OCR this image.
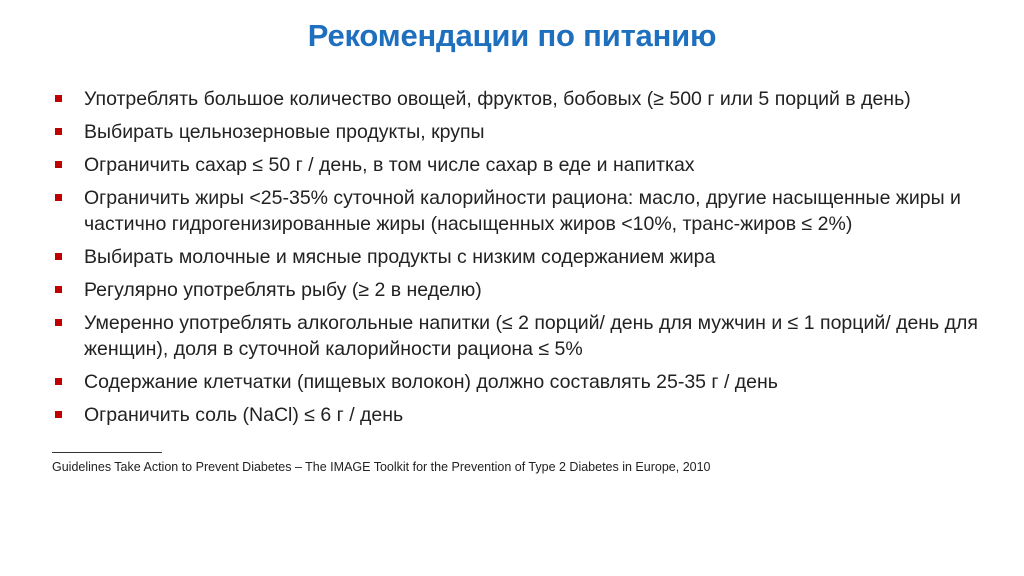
Рекомендации по питанию
Употреблять большое количество овощей, фруктов, бобовых (≥ 500 г или 5 порций в день)
Выбирать цельнозерновые продукты, крупы
Ограничить сахар ≤ 50 г / день, в том числе сахар в еде и напитках
Ограничить жиры <25-35% суточной калорийности рациона: масло, другие насыщенные жиры и частично гидрогенизированные жиры (насыщенных жиров <10%, транс-жиров ≤ 2%)
Выбирать молочные и мясные продукты с низким содержанием жира
Регулярно употреблять рыбу (≥ 2 в неделю)
Умеренно употреблять алкогольные напитки (≤ 2 порций/ день для мужчин и ≤ 1 порций/ день для женщин), доля в суточной калорийности рациона ≤ 5%
Содержание клетчатки (пищевых волокон) должно составлять 25-35 г / день
Ограничить соль (NaCl) ≤ 6 г / день
Guidelines Take Action to Prevent Diabetes – The IMAGE Toolkit for the Prevention of Type 2 Diabetes in Europe, 2010
